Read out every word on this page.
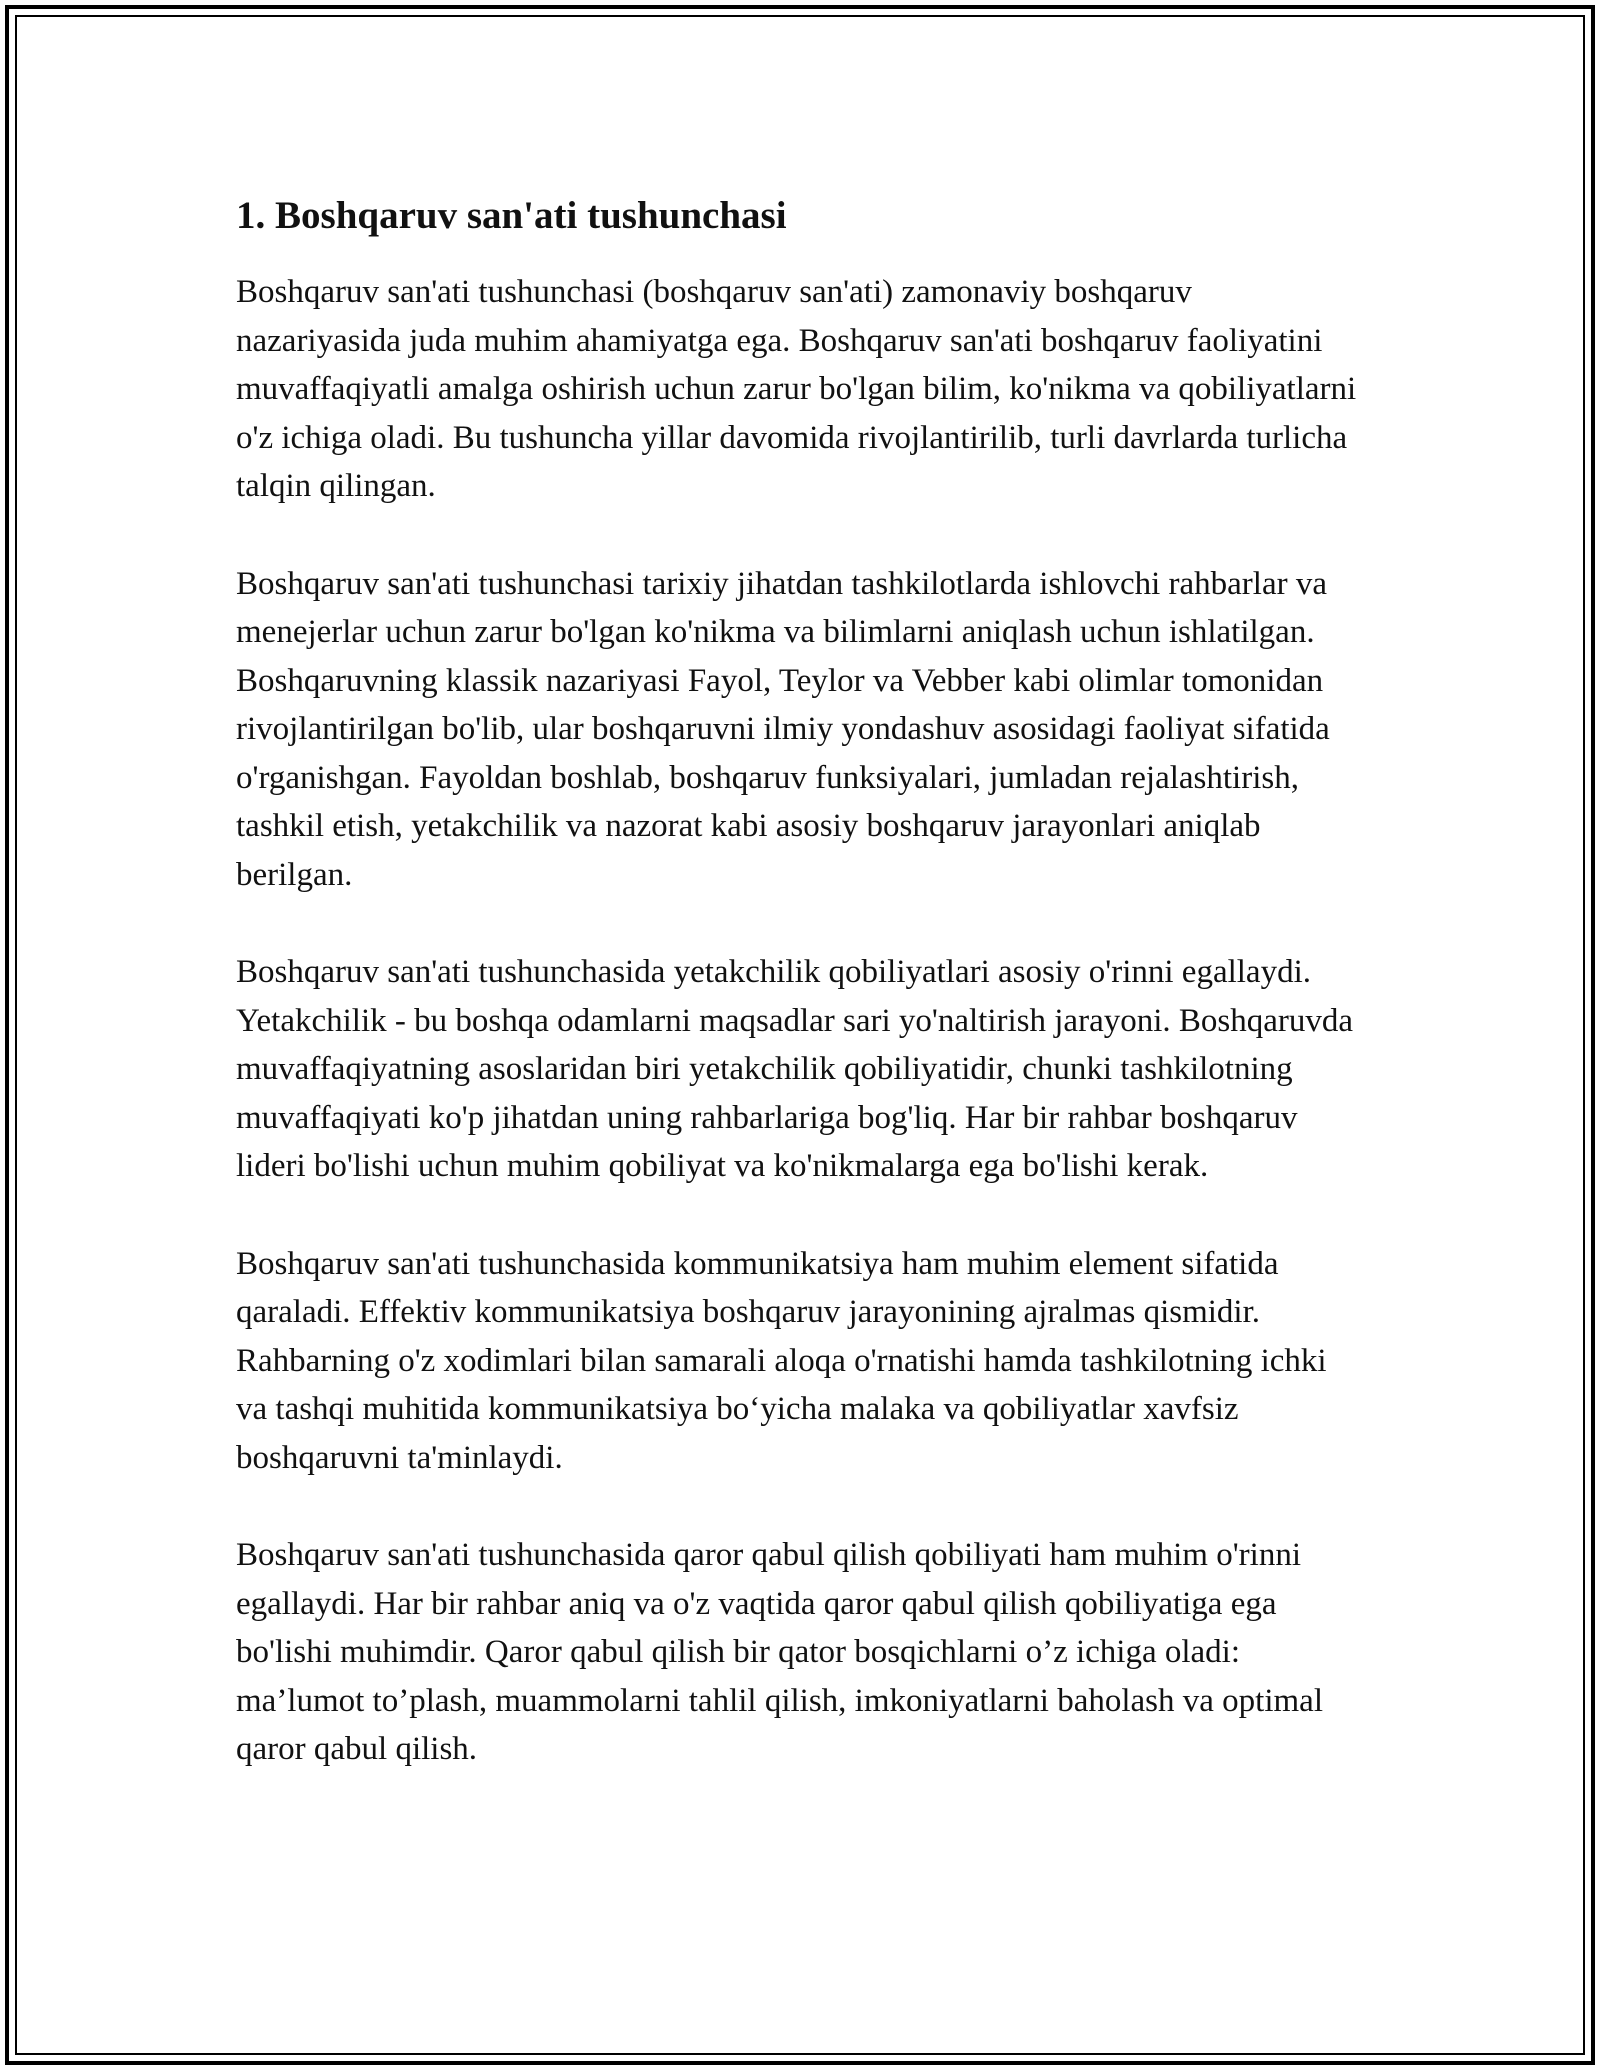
1. Boshqaruv san'ati tushunchasi

Boshqaruv san'ati tushunchasi (boshqaruv san'ati) zamonaviy boshqaruv nazariyasida juda muhim ahamiyatga ega. Boshqaruv san'ati boshqaruv faoliyatini muvaffaqiyatli amalga oshirish uchun zarur bo'lgan bilim, ko'nikma va qobiliyatlarni o'z ichiga oladi. Bu tushuncha yillar davomida rivojlantirilib, turli davrlarda turlicha talqin qilingan.

Boshqaruv san'ati tushunchasi tarixiy jihatdan tashkilotlarda ishlovchi rahbarlar va menejerlar uchun zarur bo'lgan ko'nikma va bilimlarni aniqlash uchun ishlatilgan. Boshqaruvning klassik nazariyasi Fayol, Teylor va Vebber kabi olimlar tomonidan rivojlantirilgan bo'lib, ular boshqaruvni ilmiy yondashuv asosidagi faoliyat sifatida o'rganishgan. Fayoldan boshlab, boshqaruv funksiyalari, jumladan rejalashtirish, tashkil etish, yetakchilik va nazorat kabi asosiy boshqaruv jarayonlari aniqlab berilgan.

Boshqaruv san'ati tushunchasida yetakchilik qobiliyatlari asosiy o'rinni egallaydi. Yetakchilik - bu boshqa odamlarni maqsadlar sari yo'naltirish jarayoni. Boshqaruvda muvaffaqiyatning asoslaridan biri yetakchilik qobiliyatidir, chunki tashkilotning muvaffaqiyati ko'p jihatdan uning rahbarlariga bog'liq. Har bir rahbar boshqaruv lideri bo'lishi uchun muhim qobiliyat va ko'nikmalarga ega bo'lishi kerak.

Boshqaruv san'ati tushunchasida kommunikatsiya ham muhim element sifatida qaraladi. Effektiv kommunikatsiya boshqaruv jarayonining ajralmas qismidir. Rahbarning o'z xodimlari bilan samarali aloqa o'rnatishi hamda tashkilotning ichki va tashqi muhitida kommunikatsiya bo‘yicha malaka va qobiliyatlar xavfsiz boshqaruvni ta'minlaydi.

Boshqaruv san'ati tushunchasida qaror qabul qilish qobiliyati ham muhim o'rinni egallaydi. Har bir rahbar aniq va o'z vaqtida qaror qabul qilish qobiliyatiga ega bo'lishi muhimdir. Qaror qabul qilish bir qator bosqichlarni o’z ichiga oladi: ma’lumot to’plash, muammolarni tahlil qilish, imkoniyatlarni baholash va optimal qaror qabul qilish.
